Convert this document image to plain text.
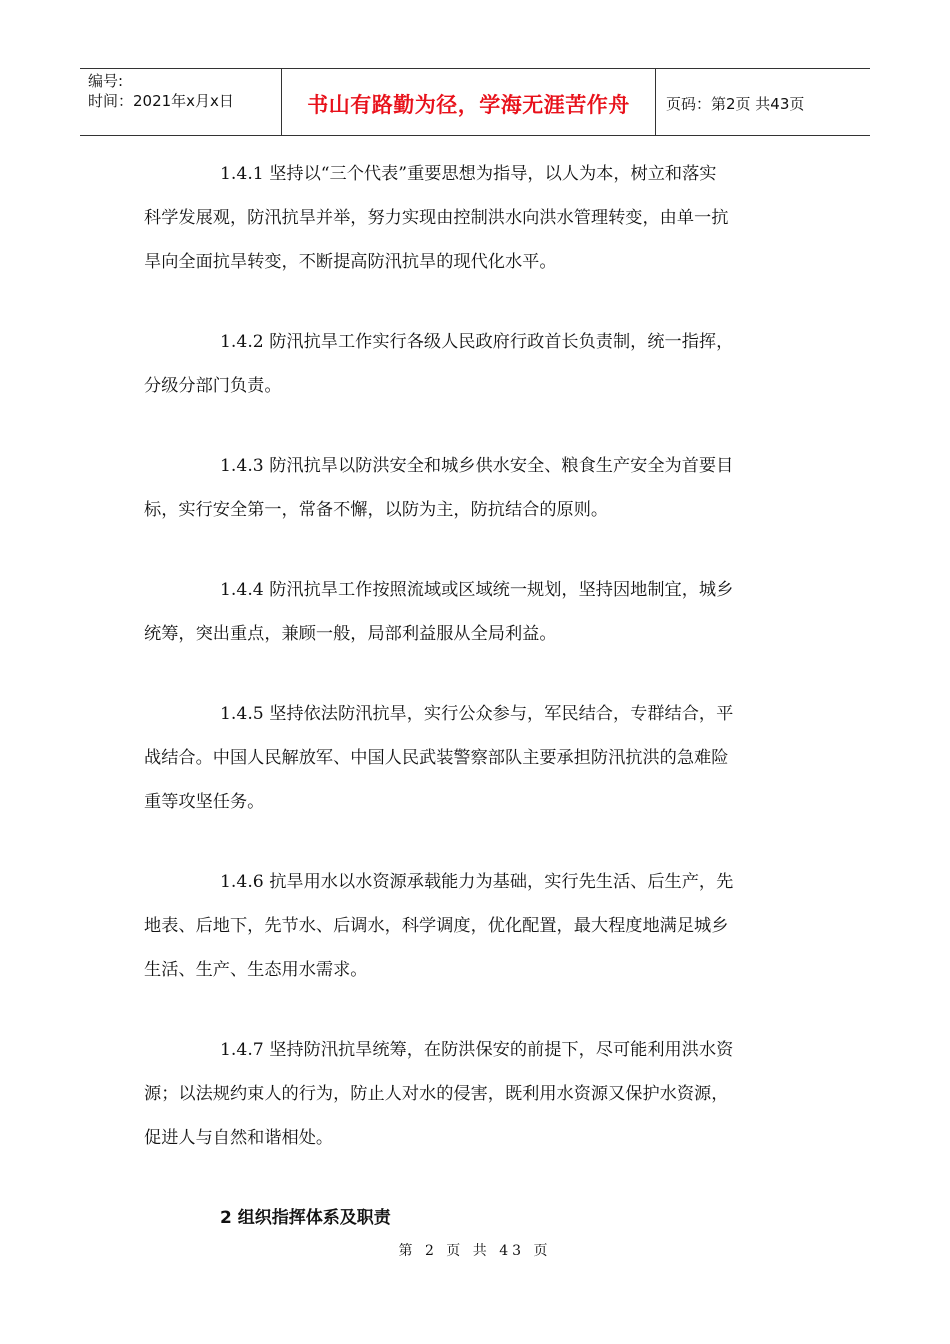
编号:
时间：2021年x月x日	书山有路勤为径，学海无涯苦作舟	页码：第2页 共43页
1.4.1 坚持以“三个代表”重要思想为指导，以人为本，树立和落实
科学发展观，防汛抗旱并举，努力实现由控制洪水向洪水管理转变，由单一抗
旱向全面抗旱转变，不断提高防汛抗旱的现代化水平。
1.4.2 防汛抗旱工作实行各级人民政府行政首长负责制，统一指挥，
分级分部门负责。
1.4.3 防汛抗旱以防洪安全和城乡供水安全、粮食生产安全为首要目
标，实行安全第一，常备不懈，以防为主，防抗结合的原则。
1.4.4 防汛抗旱工作按照流域或区域统一规划，坚持因地制宜，城乡
统筹，突出重点，兼顾一般，局部利益服从全局利益。
1.4.5 坚持依法防汛抗旱，实行公众参与，军民结合，专群结合，平
战结合。中国人民解放军、中国人民武装警察部队主要承担防汛抗洪的急难险
重等攻坚任务。
1.4.6 抗旱用水以水资源承载能力为基础，实行先生活、后生产，先
地表、后地下，先节水、后调水，科学调度，优化配置，最大程度地满足城乡
生活、生产、生态用水需求。
1.4.7 坚持防汛抗旱统筹，在防洪保安的前提下，尽可能利用洪水资
源；以法规约束人的行为，防止人对水的侵害，既利用水资源又保护水资源，
促进人与自然和谐相处。
2 组织指挥体系及职责
第 2 页 共 43 页
